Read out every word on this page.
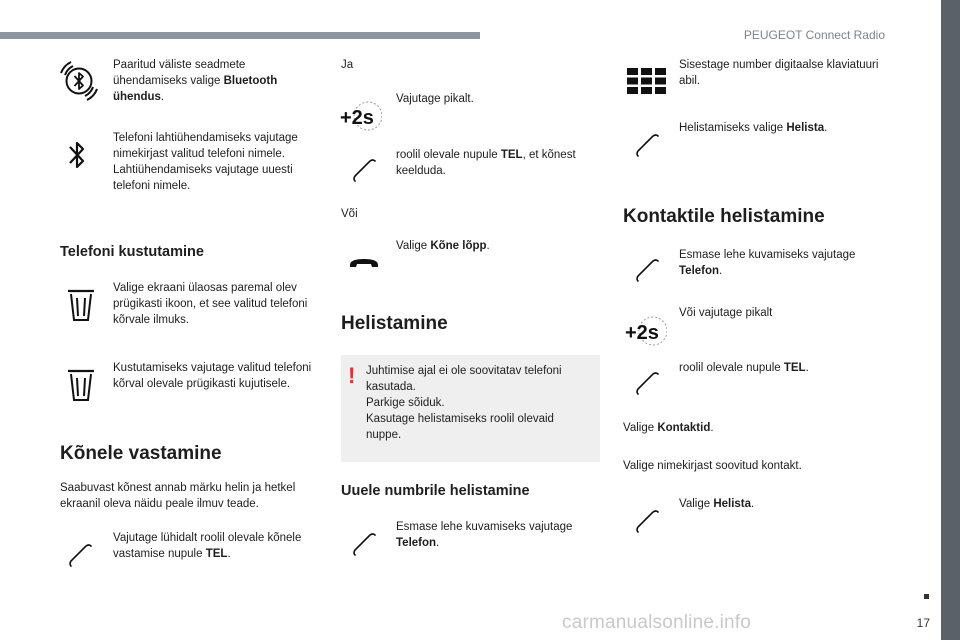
PEUGEOT Connect Radio
17
carmanualsonline.info
Paaritud väliste seadmete ühendamiseks valige Bluetooth ühendus.
Telefoni lahtiühendamiseks vajutage nimekirjast valitud telefoni nimele. Lahtiühendamiseks vajutage uuesti telefoni nimele.
Telefoni kustutamine
Valige ekraani ülaosas paremal olev prügikasti ikoon, et see valitud telefoni kõrvale ilmuks.
Kustutamiseks vajutage valitud telefoni kõrval olevale prügikasti kujutisele.
Kõnele vastamine
Saabuvast kõnest annab märku helin ja hetkel ekraanil oleva näidu peale ilmuv teade.
Vajutage lühidalt roolil olevale kõnele vastamise nupule TEL.
Ja
+2s
Vajutage pikalt.
roolil olevale nupule TEL, et kõnest keelduda.
Või
Valige Kõne lõpp.
Helistamine
! Juhtimise ajal ei ole soovitatav telefoni kasutada.
Parkige sõiduk.
Kasutage helistamiseks roolil olevaid nuppe.
Uuele numbrile helistamine
Esmase lehe kuvamiseks vajutage Telefon.
Sisestage number digitaalse klaviatuuri abil.
Helistamiseks valige Helista.
Kontaktile helistamine
Esmase lehe kuvamiseks vajutage Telefon.
+2s
Või vajutage pikalt
roolil olevale nupule TEL.
Valige Kontaktid.
Valige nimekirjast soovitud kontakt.
Valige Helista.
